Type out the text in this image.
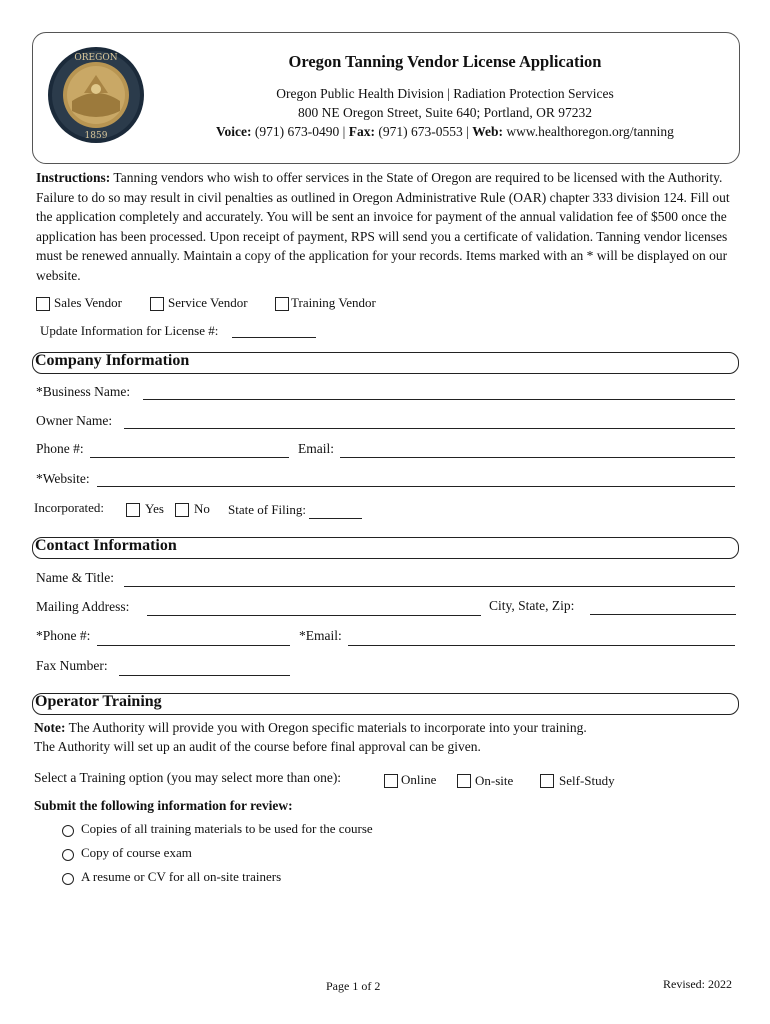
OREGON
1859
Oregon Tanning Vendor License Application
Oregon Public Health Division | Radiation Protection Services
800 NE Oregon Street, Suite 640; Portland, OR 97232
Voice: (971) 673-0490 | Fax: (971) 673-0553 | Web: www.healthoregon.org/tanning
Instructions: Tanning vendors who wish to offer services in the State of Oregon are required to be licensed with the Authority. Failure to do so may result in civil penalties as outlined in Oregon Administrative Rule (OAR) chapter 333 division 124. Fill out the application completely and accurately. You will be sent an invoice for payment of the annual validation fee of $500 once the application has been processed. Upon receipt of payment, RPS will send you a certificate of validation. Tanning vendor licenses must be renewed annually. Maintain a copy of the application for your records. Items marked with an * will be displayed on our website.
Sales Vendor	Service Vendor	Training Vendor
Update Information for License #:
Company Information
*Business Name:
Owner Name:
Phone #:	Email:
*Website:
Incorporated:	Yes No State of Filing:
Contact Information
Name & Title:
Mailing Address:	City, State, Zip:
*Phone #:	*Email:
Fax Number:
Operator Training
Note: The Authority will provide you with Oregon specific materials to incorporate into your training.
The Authority will set up an audit of the course before final approval can be given.
Select a Training option (you may select more than one):	Online	On-site	Self-Study
Submit the following information for review:
Copies of all training materials to be used for the course
Copy of course exam
A resume or CV for all on-site trainers
Page 1 of 2	Revised: 2022
